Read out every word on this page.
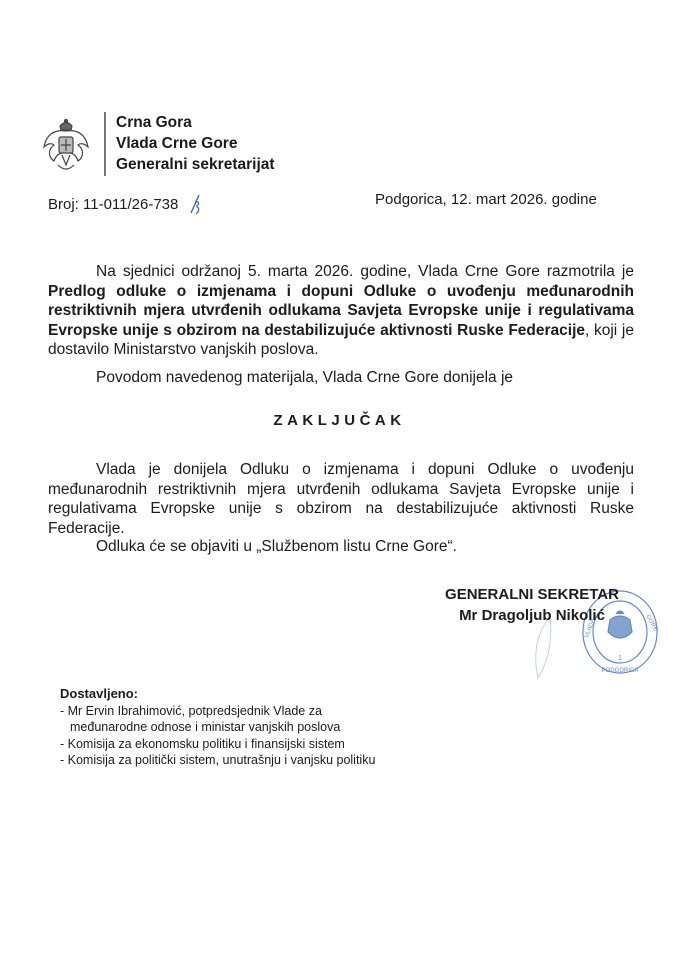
Crna Gora
Vlada Crne Gore
Generalni sekretarijat
Broj: 11-011/26-738	Podgorica, 12. mart 2026. godine
Na sjednici održanoj 5. marta 2026. godine, Vlada Crne Gore razmotrila je Predlog odluke o izmjenama i dopuni Odluke o uvođenju međunarodnih restriktivnih mjera utvrđenih odlukama Savjeta Evropske unije i regulativama Evropske unije s obzirom na destabilizujuće aktivnosti Ruske Federacije, koji je dostavilo Ministarstvo vanjskih poslova.
Povodom navedenog materijala, Vlada Crne Gore donijela je
ZAKLJUČAK
Vlada je donijela Odluku o izmjenama i dopuni Odluke o uvođenju međunarodnih restriktivnih mjera utvrđenih odlukama Savjeta Evropske unije i regulativama Evropske unije s obzirom na destabilizujuće aktivnosti Ruske Federacije.
Odluka će se objaviti u „Službenom listu Crne Gore“.
1
PODGORICA
VLADA	GORE
GENERALNI SEKRETAR
Mr Dragoljub Nikolić
Dostavljeno:
- Mr Ervin Ibrahimović, potpredsjednik Vlade za
međunarodne odnose i ministar vanjskih poslova
- Komisija za ekonomsku politiku i finansijski sistem
- Komisija za politički sistem, unutrašnju i vanjsku politiku
